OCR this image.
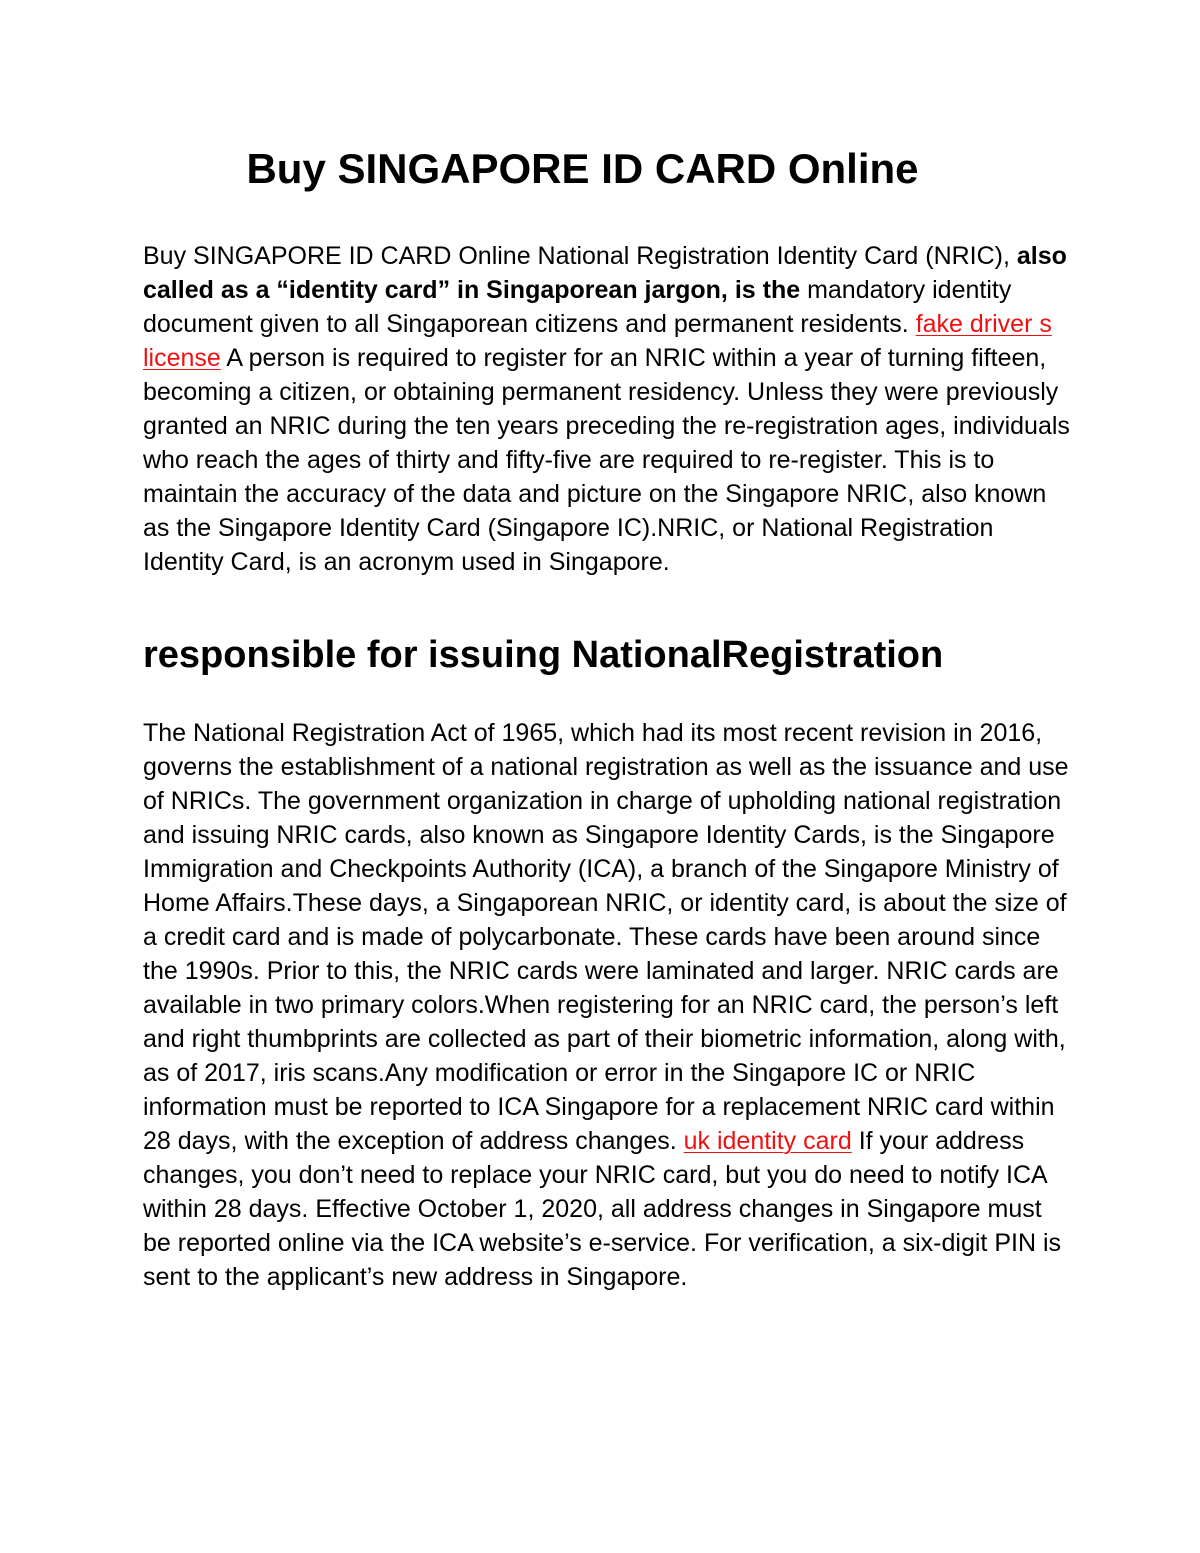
Buy SINGAPORE ID CARD Online

Buy SINGAPORE ID CARD Online National Registration Identity Card (NRIC), also called as a “identity card” in Singaporean jargon, is the mandatory identity document given to all Singaporean citizens and permanent residents. fake driver s license A person is required to register for an NRIC within a year of turning fifteen, becoming a citizen, or obtaining permanent residency. Unless they were previously granted an NRIC during the ten years preceding the re-registration ages, individuals who reach the ages of thirty and fifty-five are required to re-register. This is to maintain the accuracy of the data and picture on the Singapore NRIC, also known as the Singapore Identity Card (Singapore IC).NRIC, or National Registration Identity Card, is an acronym used in Singapore.

responsible for issuing NationalRegistration

The National Registration Act of 1965, which had its most recent revision in 2016, governs the establishment of a national registration as well as the issuance and use of NRICs. The government organization in charge of upholding national registration and issuing NRIC cards, also known as Singapore Identity Cards, is the Singapore Immigration and Checkpoints Authority (ICA), a branch of the Singapore Ministry of Home Affairs.These days, a Singaporean NRIC, or identity card, is about the size of a credit card and is made of polycarbonate. These cards have been around since the 1990s. Prior to this, the NRIC cards were laminated and larger. NRIC cards are available in two primary colors.When registering for an NRIC card, the person’s left and right thumbprints are collected as part of their biometric information, along with, as of 2017, iris scans.Any modification or error in the Singapore IC or NRIC information must be reported to ICA Singapore for a replacement NRIC card within 28 days, with the exception of address changes. uk identity card If your address changes, you don’t need to replace your NRIC card, but you do need to notify ICA within 28 days. Effective October 1, 2020, all address changes in Singapore must be reported online via the ICA website’s e-service. For verification, a six-digit PIN is sent to the applicant’s new address in Singapore.
